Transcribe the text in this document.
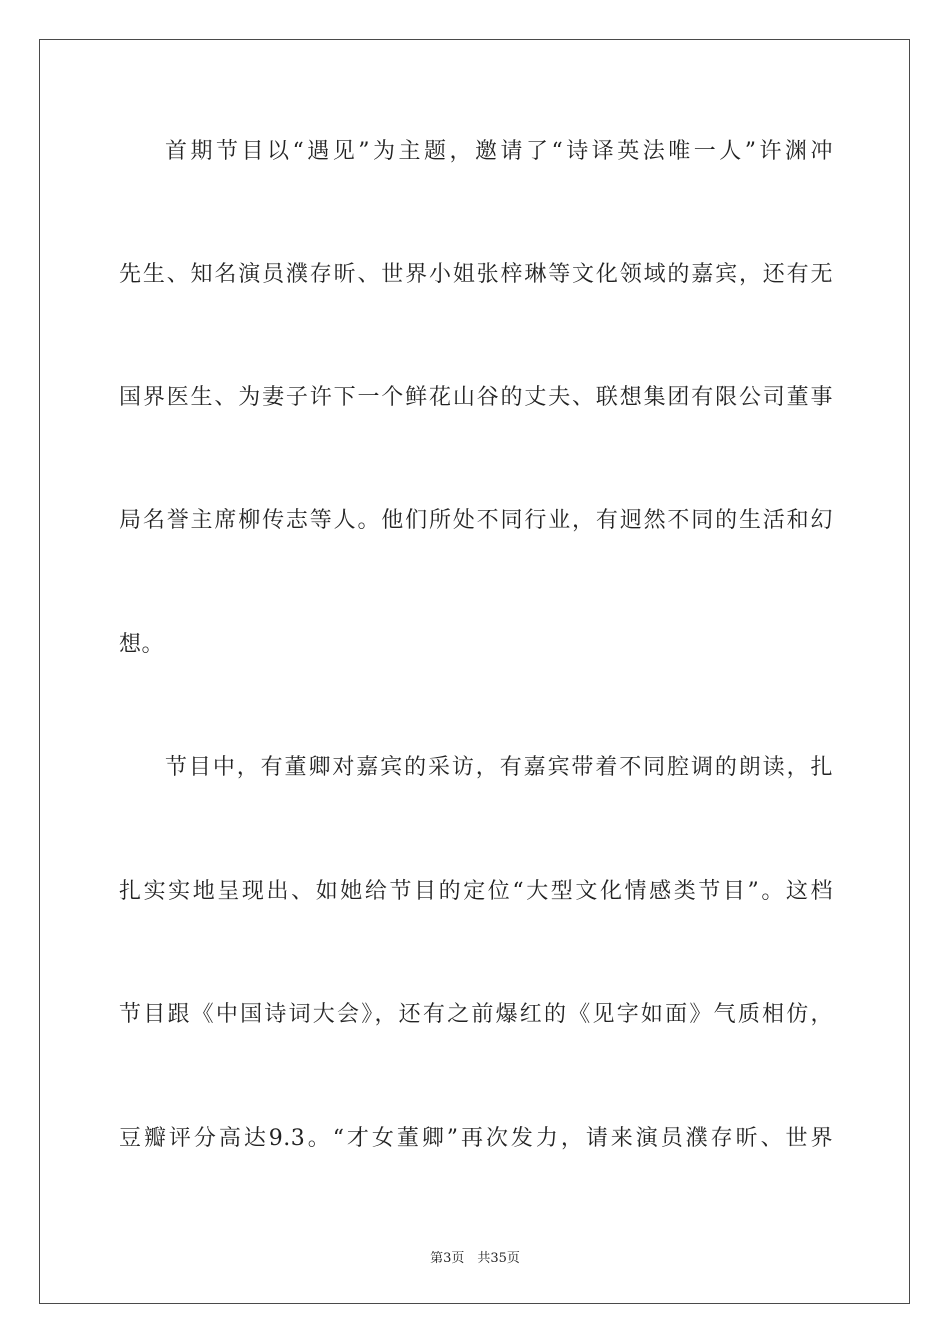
首期节目以“遇见”为主题，邀请了“诗译英法唯一人”许渊冲
先生、知名演员濮存昕、世界小姐张梓琳等文化领域的嘉宾，还有无
国界医生、为妻子许下一个鲜花山谷的丈夫、联想集团有限公司董事
局名誉主席柳传志等人。他们所处不同行业，有迥然不同的生活和幻
想。
节目中，有董卿对嘉宾的采访，有嘉宾带着不同腔调的朗读，扎
扎实实地呈现出、如她给节目的定位“大型文化情感类节目”。这档
节目跟《中国诗词大会》，还有之前爆红的《见字如面》气质相仿，
豆瓣评分高达9.3。“才女董卿”再次发力，请来演员濮存昕、世界
第3页　共35页
